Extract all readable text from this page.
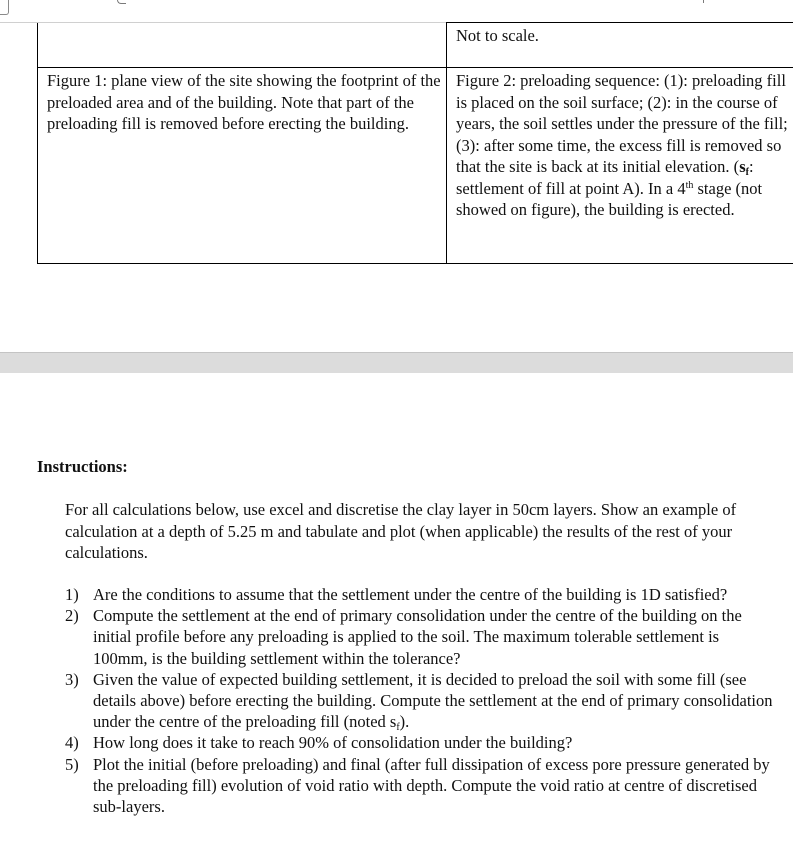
	Not to scale.
Figure 1: plane view of the site showing the footprint of the preloaded area and of the building. Note that part of the preloading fill is removed before erecting the building.	Figure 2: preloading sequence: (1): preloading fill is placed on the soil surface; (2): in the course of years, the soil settles under the pressure of the fill; (3): after some time, the excess fill is removed so that the site is back at its initial elevation. ($s_f$: settlement of fill at point A). In a 4th stage (not showed on figure), the building is erected.

Instructions:

For all calculations below, use excel and discretise the clay layer in 50cm layers. Show an example of calculation at a depth of 5.25 m and tabulate and plot (when applicable) the results of the rest of your calculations.

1) Are the conditions to assume that the settlement under the centre of the building is 1D satisfied?
2) Compute the settlement at the end of primary consolidation under the centre of the building on the initial profile before any preloading is applied to the soil. The maximum tolerable settlement is 100mm, is the building settlement within the tolerance?
3) Given the value of expected building settlement, it is decided to preload the soil with some fill (see details above) before erecting the building. Compute the settlement at the end of primary consolidation under the centre of the preloading fill (noted $s_f$).
4) How long does it take to reach 90% of consolidation under the building?
5) Plot the initial (before preloading) and final (after full dissipation of excess pore pressure generated by the preloading fill) evolution of void ratio with depth. Compute the void ratio at centre of discretised sub-layers.
